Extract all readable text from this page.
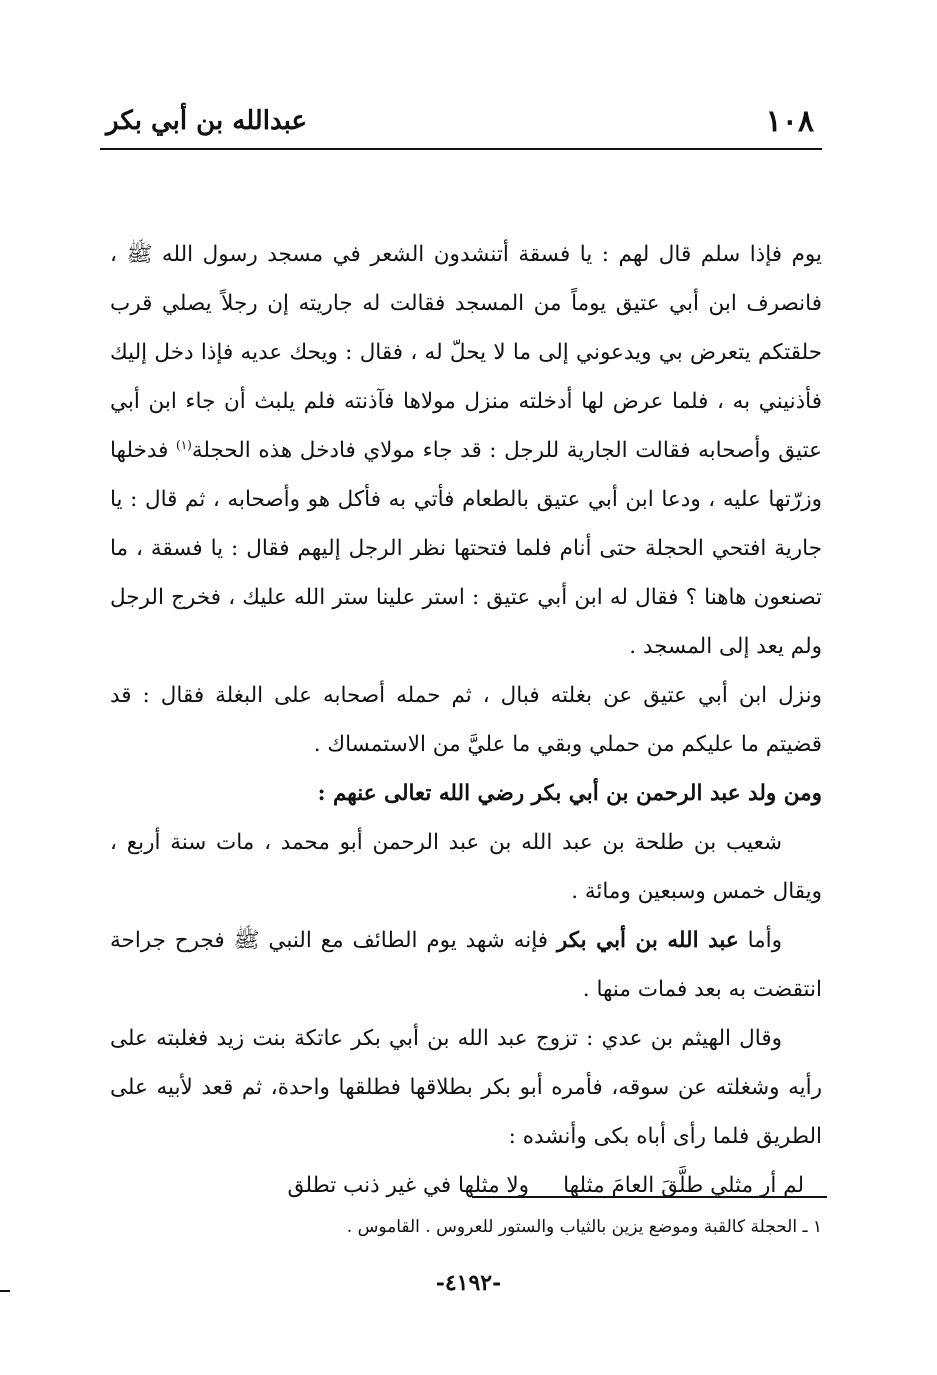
١٠٨
عبدالله بن أبي بكر

يوم فإذا سلم قال لهم : يا فسقة أتنشدون الشعر في مسجد رسول الله ﷺ ، فانصرف ابن أبي عتيق يوماً من المسجد فقالت له جاريته إن رجلاً يصلي قرب حلقتكم يتعرض بي ويدعوني إلى ما لا يحلّ له ، فقال : ويحك عديه فإذا دخل إليك فأذنيني به ، فلما عرض لها أدخلته منزل مولاها فآذنته فلم يلبث أن جاء ابن أبي عتيق وأصحابه فقالت الجارية للرجل : قد جاء مولاي فادخل هذه الحجلة$^{(١)}$ فدخلها وزرّتها عليه ، ودعا ابن أبي عتيق بالطعام فأتي به فأكل هو وأصحابه ، ثم قال : يا جارية افتحي الحجلة حتى أنام فلما فتحتها نظر الرجل إليهم فقال : يا فسقة ، ما تصنعون هاهنا ؟ فقال له ابن أبي عتيق : استر علينا ستر الله عليك ، فخرج الرجل ولم يعد إلى المسجد .

ونزل ابن أبي عتيق عن بغلته فبال ، ثم حمله أصحابه على البغلة فقال : قد قضيتم ما عليكم من حملي وبقي ما عليَّ من الاستمساك .

ومن ولد عبد الرحمن بن أبي بكر رضي الله تعالى عنهم :

شعيب بن طلحة بن عبد الله بن عبد الرحمن أبو محمد ، مات سنة أربع ، ويقال خمس وسبعين ومائة .

وأما عبد الله بن أبي بكر فإنه شهد يوم الطائف مع النبي ﷺ فجرح جراحة انتقضت به بعد فمات منها .

وقال الهيثم بن عدي : تزوج عبد الله بن أبي بكر عاتكة بنت زيد فغلبته على رأيه وشغلته عن سوقه، فأمره أبو بكر بطلاقها فطلقها واحدة، ثم قعد لأبيه على الطريق فلما رأى أباه بكى وأنشده :

لم أر مثلي طلَّقَ العامَ مثلهاولا مثلها في غير ذنب تطلق

١ ـ الحجلة كالقبة وموضع يزين بالثياب والستور للعروس . القاموس .
-٤١٩٢-
